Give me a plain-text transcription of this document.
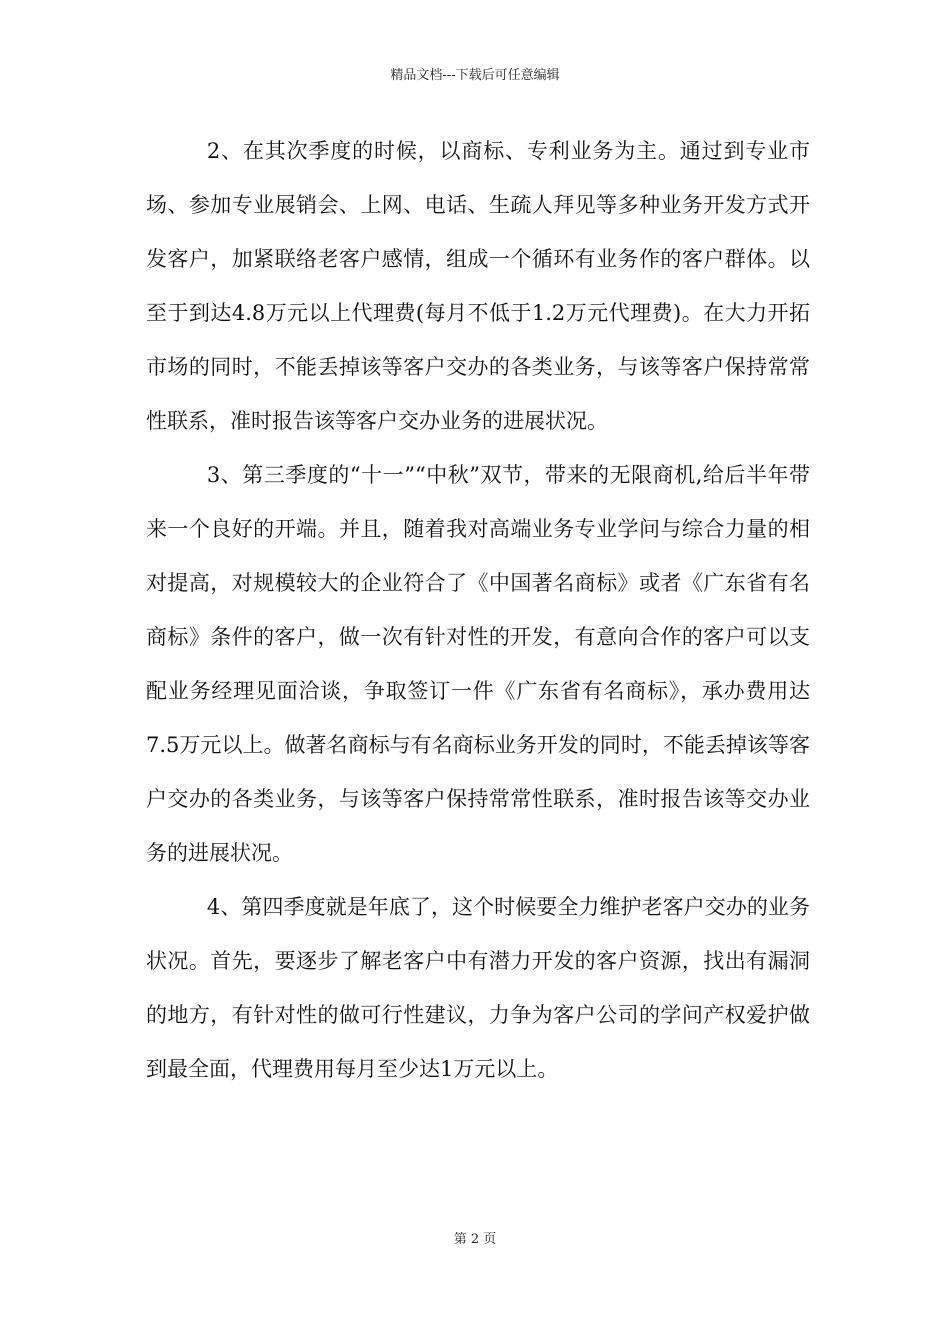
精品文档---下载后可任意编辑

2、在其次季度的时候，以商标、专利业务为主。通过到专业市场、参加专业展销会、上网、电话、生疏人拜见等多种业务开发方式开发客户，加紧联络老客户感情，组成一个循环有业务作的客户群体。以至于到达4.8万元以上代理费(每月不低于1.2万元代理费)。在大力开拓市场的同时，不能丢掉该等客户交办的各类业务，与该等客户保持常常性联系，准时报告该等客户交办业务的进展状况。

3、第三季度的“十一”“中秋”双节，带来的无限商机,给后半年带来一个良好的开端。并且，随着我对高端业务专业学问与综合力量的相对提高，对规模较大的企业符合了《中国著名商标》或者《广东省有名商标》条件的客户，做一次有针对性的开发，有意向合作的客户可以支配业务经理见面洽谈，争取签订一件《广东省有名商标》，承办费用达7.5万元以上。做著名商标与有名商标业务开发的同时，不能丢掉该等客户交办的各类业务，与该等客户保持常常性联系，准时报告该等交办业务的进展状况。

4、第四季度就是年底了，这个时候要全力维护老客户交办的业务状况。首先，要逐步了解老客户中有潜力开发的客户资源，找出有漏洞的地方，有针对性的做可行性建议，力争为客户公司的学问产权爱护做到最全面，代理费用每月至少达1万元以上。

第 2 页
